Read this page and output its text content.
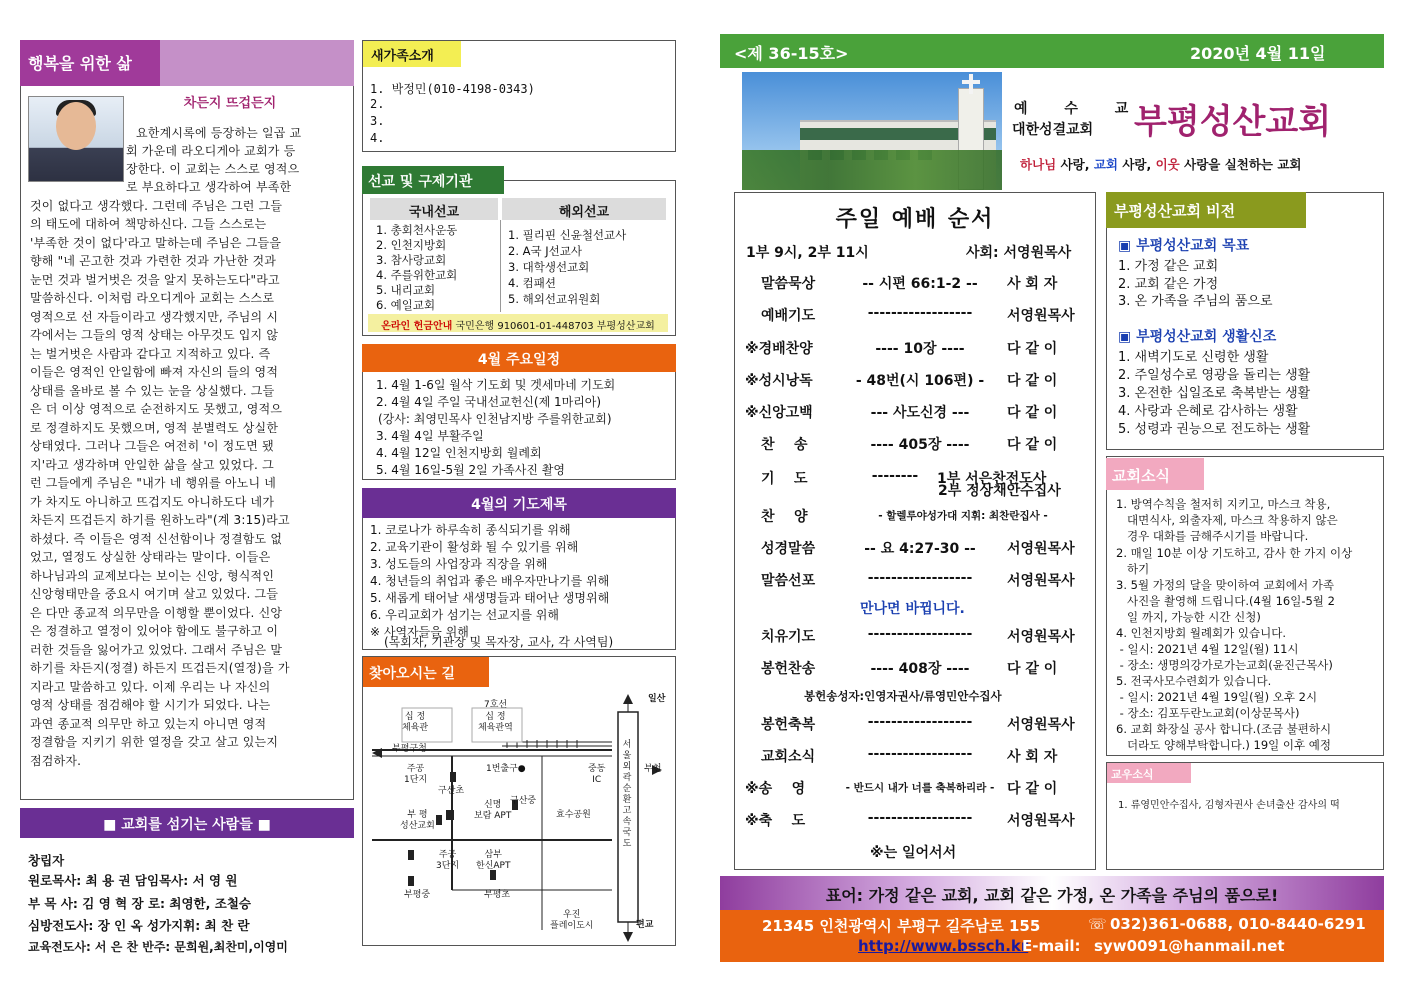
행복을 위한 삶
차든지 뜨겁든지
요한계시록에 등장하는 일곱 교
회 가운데 라오디게아 교회가 등
장한다. 이 교회는 스스로 영적으
로 부요하다고 생각하여 부족한
것이 없다고 생각했다. 그런데 주님은 그런 그들
의 태도에 대하여 책망하신다. 그들 스스로는
'부족한 것이 없다'라고 말하는데 주님은 그들을
향해 "네 곤고한 것과 가련한 것과 가난한 것과
눈먼 것과 벌거벗은 것을 알지 못하는도다"라고
말씀하신다. 이처럼 라오디게아 교회는 스스로
영적으로 선 자들이라고 생각했지만, 주님의 시
각에서는 그들의 영적 상태는 아무것도 입지 않
는 벌거벗은 사람과 같다고 지적하고 있다. 즉
이들은 영적인 안일함에 빠져 자신의 들의 영적
상태를 올바로 볼 수 있는 눈을 상실했다. 그들
은 더 이상 영적으로 순전하지도 못했고, 영적으
로 정결하지도 못했으며, 영적 분별력도 상실한
상태였다. 그러나 그들은 여전히 '이 정도면 됐
지'라고 생각하며 안일한 삶을 살고 있었다. 그
런 그들에게 주님은 "내가 네 행위를 아노니 네
가 차지도 아니하고 뜨겁지도 아니하도다 네가
차든지 뜨겁든지 하기를 원하노라"(계 3:15)라고
하셨다. 즉 이들은 영적 신선함이나 정결함도 없
었고, 열정도 상실한 상태라는 말이다. 이들은
하나님과의 교제보다는 보이는 신앙, 형식적인
신앙형태만을 중요시 여기며 살고 있었다. 그들
은 다만 종교적 의무만을 이행할 뿐이었다. 신앙
은 정결하고 열정이 있어야 함에도 불구하고 이
러한 것들을 잃어가고 있었다. 그래서 주님은 말
하기를 차든지(정결) 하든지 뜨겁든지(열정)을 가
지라고 말씀하고 있다. 이제 우리는 나 자신의
영적 상태를 점검해야 할 시기가 되었다. 나는
과연 종교적 의무만 하고 있는지 아니면 영적
정결함을 지키기 위한 열정을 갖고 살고 있는지
점검하자.
■ 교회를 섬기는 사람들 ■
창립자
원로목사: 최 용 권 담임목사: 서 영 원
부 목 사: 김 영 혁 장 로: 최영한, 조철승
심방전도사: 장 인 옥 성가지휘: 최 찬 란
교육전도사: 서 은 찬 반주: 문희원,최찬미,이영미
새가족소개
1. 박정민(010-4198-0343)
2.
3.
4.
선교 및 구제기관
국내선교	해외선교
1. 총회천사운동
2. 인천지방회
3. 참사랑교회
4. 주를위한교회
5. 내리교회
6. 예일교회
1. 필리핀 신윤철선교사
2. A국 J선교사
3. 대학생선교회
4. 컴패션
5. 해외선교위원회
온라인 헌금안내 국민은행 910601-01-448703 부평성산교회
4월 주요일정
1. 4월 1-6일 월삭 기도회 및 겟세마네 기도회
2. 4월 4일 주일 국내선교헌신(제 1마리아)
(강사: 최영민목사 인천남지방 주를위한교회)
3. 4월 4일 부활주일
4. 4월 12일 인천지방회 월례회
5. 4월 16일-5월 2일 가족사진 촬영
4월의 기도제목
1. 코로나가 하루속히 종식되기를 위해
2. 교육기관이 활성화 될 수 있기를 위해
3. 성도들의 사업장과 직장을 위해
4. 청년들의 취업과 좋은 배우자만나기를 위해
5. 새롭게 태어날 새생명들과 태어난 생명위해
6. 우리교회가 섬기는 선교지를 위해
※ 사역자들을 위해
(목회자, 기관장 및 목자장, 교사, 각 사역팀)
찾아오시는 길
7호선
십 정
체육관
십 정
체육관역
부평구청
일산
편교
주공
1단지
구산초
1번출구●
신명
보람 APT
구산중
부 평
성산교회
효수공원
중동
IC
부천
서울외곽순환고속국도
주공
3단지
부평중
삼부
한신APT
부평초
우진
플레이도시
<제 36-15호>	2020년 4월 11일
예 수 교
대한성결교회 부평성산교회
하나님 사랑, 교회 사랑, 이웃 사랑을 실천하는 교회
주일 예배 순서
1부 9시, 2부 11시	사회: 서영원목사
말씀묵상	-- 시편 66:1-2 --	사 회 자
예배기도	------------------	서영원목사
※경배찬양	---- 10장 ----	다 같 이
※성시낭독	- 48번(시 106편) -	다 같 이
※신앙고백	--- 사도신경 ---	다 같 이
찬    송	---- 405장 ----	다 같 이
기    도	--------	1부 서은찬전도사
2부 정상채안수집사
찬    양	- 할렐루야성가대 지휘: 최찬란집사 -
성경말씀	-- 요 4:27-30 --	서영원목사
말씀선포	------------------	서영원목사
만나면 바뀝니다.
치유기도	------------------	서영원목사
봉헌찬송	---- 408장 ----	다 같 이
봉헌송성자:인영자권사/류영민안수집사
봉헌축복	------------------	서영원목사
교회소식	------------------	사 회 자
※송    영	- 반드시 내가 너를 축복하리라 - 다 같 이
※축    도	------------------	서영원목사
※는 일어서서
부평성산교회 비전
▣ 부평성산교회 목표
1. 가정 같은 교회
2. 교회 같은 가정
3. 온 가족을 주님의 품으로
▣ 부평성산교회 생활신조
1. 새벽기도로 신령한 생활
2. 주일성수로 영광을 돌리는 생활
3. 온전한 십일조로 축복받는 생활
4. 사랑과 은혜로 감사하는 생활
5. 성령과 권능으로 전도하는 생활
교회소식
1. 방역수칙을 철저히 지키고, 마스크 착용,
대면식사, 외출자제, 마스크 착용하지 않은
경우 대화를 금해주시기를 바랍니다.
2. 매일 10분 이상 기도하고, 감사 한 가지 이상
하기
3. 5월 가정의 달을 맞이하여 교회에서 가족
사진을 촬영해 드립니다.(4월 16일-5월 2
일 까지, 가능한 시간 신청)
4. 인천지방회 월례회가 있습니다.
- 일시: 2021년 4월 12일(월) 11시
- 장소: 생명의강가로가는교회(윤진근목사)
5. 전국사모수련회가 있습니다.
- 일시: 2021년 4월 19일(월) 오후 2시
- 장소: 김포두란노교회(이상문목사)
6. 교회 화장실 공사 합니다.(조금 불편하시
더라도 양해부탁합니다.) 19일 이후 예정
교우소식
1. 류영민안수집사, 김형자권사 손녀출산 감사의 떡
표어: 가정 같은 교회, 교회 같은 가정, 온 가족을 주님의 품으로!
21345 인천광역시 부평구 길주남로 155	☏ 032)361-0688, 010-8440-6291
http://www.bssch.kr
E-mail: syw0091@hanmail.net
